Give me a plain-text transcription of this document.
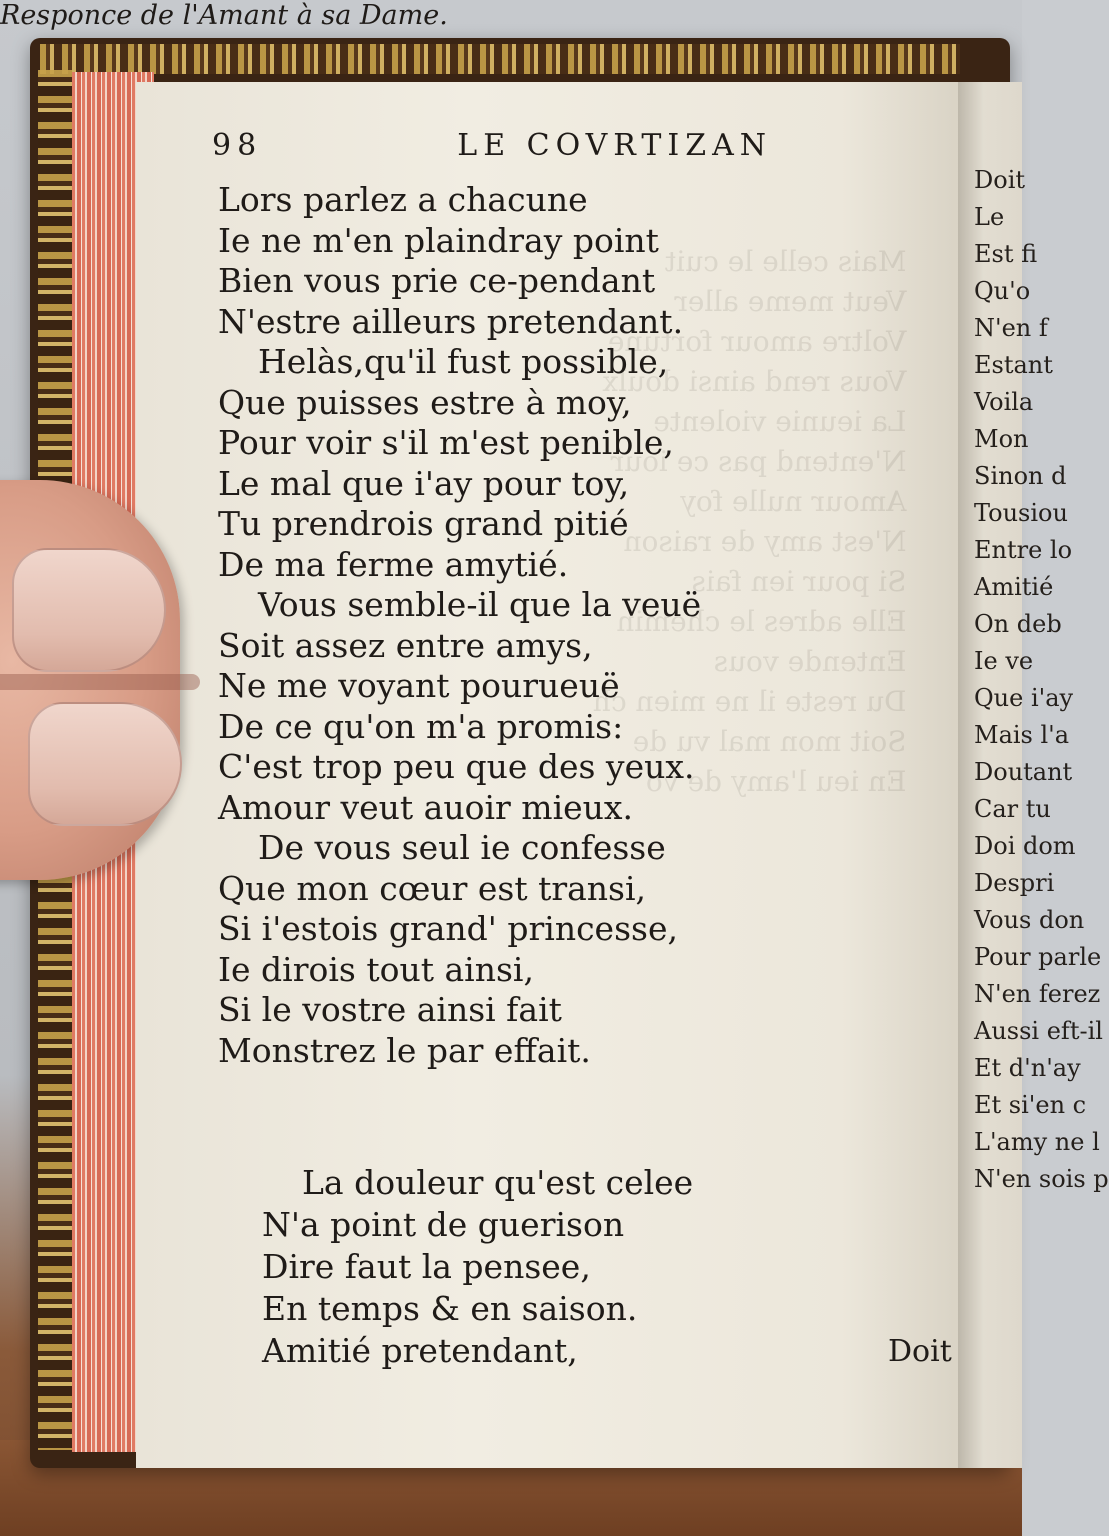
Mais celle le cuit
Veut meme aller
Voltre amour fortuné
Vous rend ainsi doulx
La ieunie violente
N'entend pas ce iour
Amour nulle foy
N'est amy de raison
Si pour ien fais
Elle adres le chemin
Entende vous
Du reste il ne mien ch
Soit mon mal vu de
En ieu l'amy de vo
98	LE COVRTIZAN
Lors parlez a chacune
Ie ne m'en plaindray point
Bien vous prie ce-pendant
N'estre ailleurs pretendant.
Helàs,qu'il fust possible,
Que puisses estre à moy,
Pour voir s'il m'est penible,
Le mal que i'ay pour toy,
Tu prendrois grand pitié
De ma ferme amytié.
Vous semble-il que la veuë
Soit assez entre amys,
Ne me voyant pourueuë
De ce qu'on m'a promis:
C'est trop peu que des yeux.
Amour veut auoir mieux.
De vous seul ie confesse
Que mon cœur est transi,
Si i'estois grand' princesse,
Ie dirois tout ainsi,
Si le vostre ainsi fait
Monstrez le par effait.
Responce de l'Amant à sa Dame.
La douleur qu'est celee
N'a point de guerison
Dire faut la pensee,
En temps & en saison.
Amitié pretendant,	Doit
Doit
Le
Est fi
Qu'o
N'en f
Estant
Voila
Mon
Sinon d
Tousiou
Entre lo
Amitié
On deb
Ie ve
Que i'ay
Mais l'a
Doutant
Car tu
Doi dom
Despri
Vous don
Pour parle
N'en ferez
Aussi eft-il
Et d'n'ay
Et si'en c
L'amy ne l
N'en sois p
